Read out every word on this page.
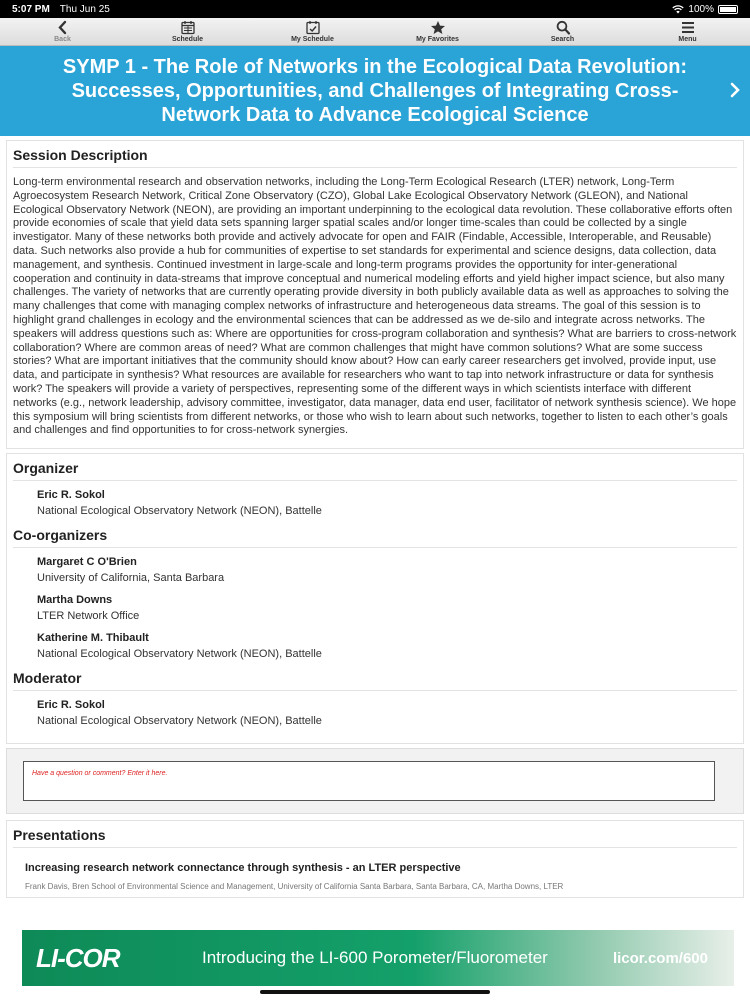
5:07 PM Thu Jun 25	100%
Back	Schedule	My Schedule	My Favorites	Search	Menu
SYMP 1 - The Role of Networks in the Ecological Data Revolution: Successes, Opportunities, and Challenges of Integrating Cross-Network Data to Advance Ecological Science
Session Description

Long-term environmental research and observation networks, including the Long-Term Ecological Research (LTER) network, Long-Term Agroecosystem Research Network, Critical Zone Observatory (CZO), Global Lake Ecological Observatory Network (GLEON), and National Ecological Observatory Network (NEON), are providing an important underpinning to the ecological data revolution. These collaborative efforts often provide economies of scale that yield data sets spanning larger spatial scales and/or longer time-scales than could be collected by a single investigator. Many of these networks both provide and actively advocate for open and FAIR (Findable, Accessible, Interoperable, and Reusable) data. Such networks also provide a hub for communities of expertise to set standards for experimental and science designs, data collection, data management, and synthesis. Continued investment in large-scale and long-term programs provides the opportunity for inter-generational cooperation and continuity in data-streams that improve conceptual and numerical modeling efforts and yield higher impact science, but also many challenges. The variety of networks that are currently operating provide diversity in both publicly available data as well as approaches to solving the many challenges that come with managing complex networks of infrastructure and heterogeneous data streams. The goal of this session is to highlight grand challenges in ecology and the environmental sciences that can be addressed as we de-silo and integrate across networks. The speakers will address questions such as: Where are opportunities for cross-program collaboration and synthesis? What are barriers to cross-network collaboration? Where are common areas of need? What are common challenges that might have common solutions? What are some success stories? What are important initiatives that the community should know about? How can early career researchers get involved, provide input, use data, and participate in synthesis? What resources are available for researchers who want to tap into network infrastructure or data for synthesis work? The speakers will provide a variety of perspectives, representing some of the different ways in which scientists interface with different networks (e.g., network leadership, advisory committee, investigator, data manager, data end user, facilitator of network synthesis science). We hope this symposium will bring scientists from different networks, or those who wish to learn about such networks, together to listen to each other’s goals and challenges and find opportunities to for cross-network synergies.

Organizer
Eric R. Sokol
National Ecological Observatory Network (NEON), Battelle
Co-organizers
Margaret C O'Brien
University of California, Santa Barbara
Martha Downs
LTER Network Office
Katherine M. Thibault
National Ecological Observatory Network (NEON), Battelle
Moderator
Eric R. Sokol
National Ecological Observatory Network (NEON), Battelle
Have a question or comment? Enter it here.
Presentations
Increasing research network connectance through synthesis - an LTER perspective
Frank Davis, Bren School of Environmental Science and Management, University of California Santa Barbara, Santa Barbara, CA, Martha Downs, LTER
LI-COR	Introducing the LI-600 Porometer/Fluorometer	licor.com/600
